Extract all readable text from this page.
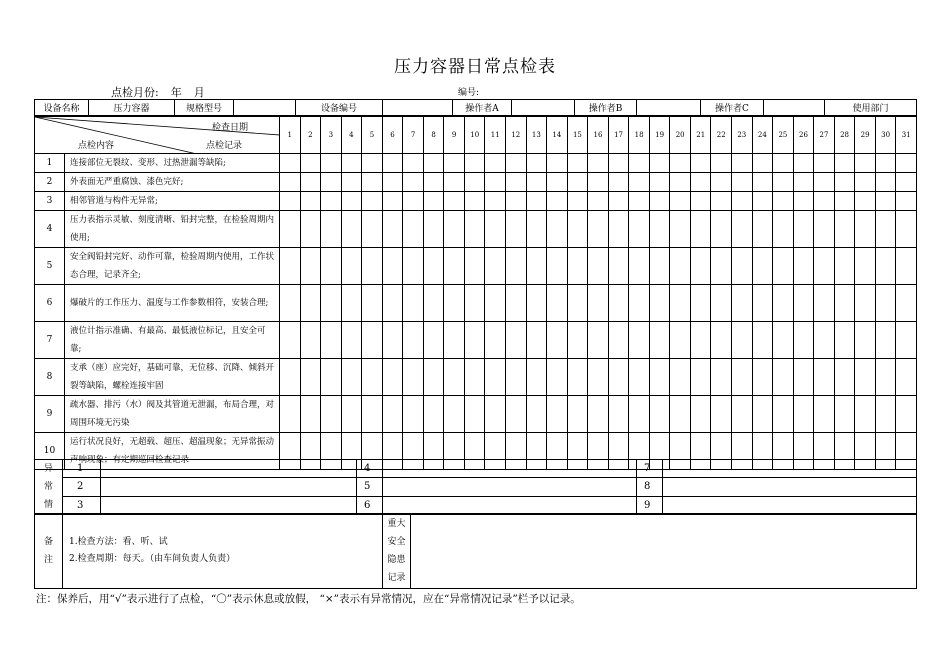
压力容器日常点检表
点检月份: 年 月	编号:
设备名称	压力容器	规格型号		设备编号		操作者A		操作者B		操作者C		使用部门
检查日期
点检记录
点检内容		1	2	3	4	5	6	7	8	9	10	11	12	13	14	15	16	17	18	19	20	21	22	23	24	25	26	27	28	29	30	31
1	连接部位无裂纹、变形、过热泄漏等缺陷;																															
2	外表面无严重腐蚀、漆色完好;																															
3	相邻管道与构件无异常;																															
4	压力表指示灵敏、刻度清晰、铅封完整，在检验周期内使用;																															
5	安全阀铅封完好、动作可靠，检验周期内使用，工作状态合理，记录齐全;																															
6	爆破片的工作压力、温度与工作参数相符，安装合理;																															
7	液位计指示准确、有最高、最低液位标记，且安全可靠;																															
8	支承（座）应完好，基础可靠，无位移、沉降、倾斜开裂等缺陷，螺栓连接牢固																															
9	疏水器、排污（水）阀及其管道无泄漏，布局合理，对周围环境无污染																															
10	运行状况良好，无超载、超压、超温现象；无异常振动声响现象；有定期巡回检查记录																															
异
常
情	1		4		7	
	2		5		8	
	3		6		9	
备
注

1.检查方法：看、听、试
2.检查周期：每天。（由车间负责人负责）

重大
安全
隐患
记录

注：保养后，用“√”表示进行了点检，“〇”表示休息或放假， “×”表示有异常情况，应在“异常情况记录”栏予以记录。
